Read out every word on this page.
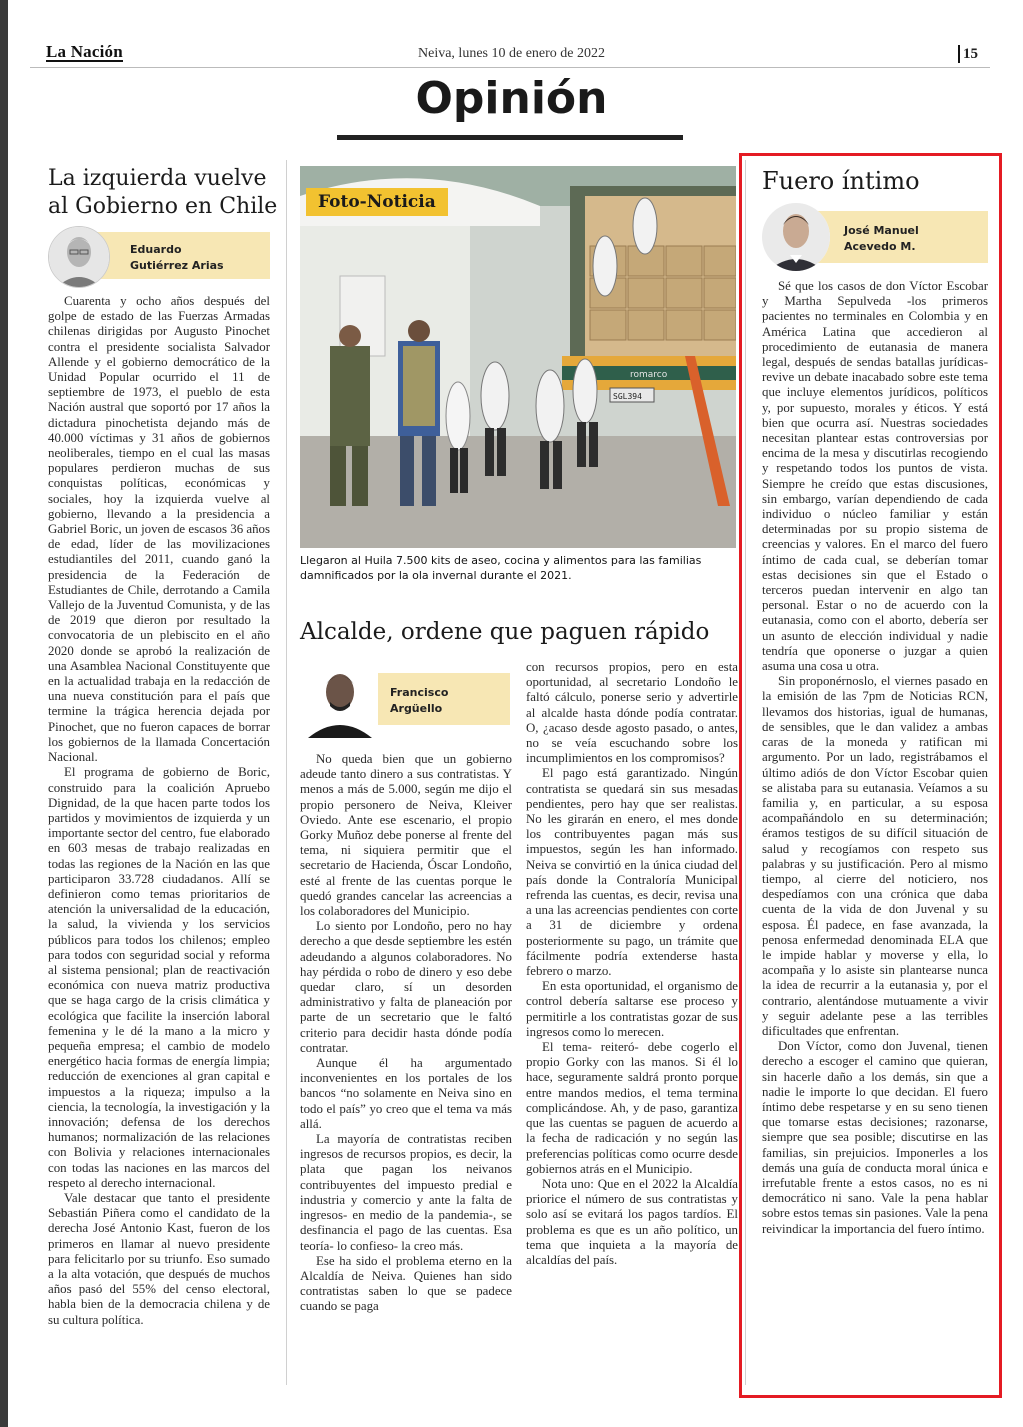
La Nación	Neiva, lunes 10 de enero de 2022	15
Opinión
La izquierda vuelve al Gobierno en Chile
Eduardo
Gutiérrez Arias

Cuarenta y ocho años después del golpe de estado de las Fuerzas Armadas chilenas dirigidas por Augusto Pinochet contra el presidente socialista Salvador Allende y el gobierno democrático de la Unidad Popular ocurrido el 11 de septiembre de 1973, el pueblo de esta Nación austral que soportó por 17 años la dictadura pinochetista dejando más de 40.000 víctimas y 31 años de gobiernos neoliberales, tiempo en el cual las masas populares perdieron muchas de sus conquistas políticas, económicas y sociales, hoy la izquierda vuelve al gobierno, llevando a la presidencia a Gabriel Boric, un joven de escasos 36 años de edad, líder de las movilizaciones estudiantiles del 2011, cuando ganó la presidencia de la Federación de Estudiantes de Chile, derrotando a Camila Vallejo de la Juventud Comunista, y de las de 2019 que dieron por resultado la convocatoria de un plebiscito en el año 2020 donde se aprobó la realización de una Asamblea Nacional Constituyente que en la actualidad trabaja en la redacción de una nueva constitución para el país que termine la trágica herencia dejada por Pinochet, que no fueron capaces de borrar los gobiernos de la llamada Concertación Nacional.

El programa de gobierno de Boric, construido para la coalición Apruebo Dignidad, de la que hacen parte todos los partidos y movimientos de izquierda y un importante sector del centro, fue elaborado en 603 mesas de trabajo realizadas en todas las regiones de la Nación en las que participaron 33.728 ciudadanos. Allí se definieron como temas prioritarios de atención la universalidad de la educación, la salud, la vivienda y los servicios públicos para todos los chilenos; empleo para todos con seguridad social y reforma al sistema pensional; plan de reactivación económica con nueva matriz productiva que se haga cargo de la crisis climática y ecológica que facilite la inserción laboral femenina y le dé la mano a la micro y pequeña empresa; el cambio de modelo energético hacia formas de energía limpia; reducción de exenciones al gran capital e impuestos a la riqueza; impulso a la ciencia, la tecnología, la investigación y la innovación; defensa de los derechos humanos; normalización de las relaciones con Bolivia y relaciones internacionales con todas las naciones en las marcos del respeto al derecho internacional.

Vale destacar que tanto el presidente Sebastián Piñera como el candidato de la derecha José Antonio Kast, fueron de los primeros en llamar al nuevo presidente para felicitarlo por su triunfo. Eso sumado a la alta votación, que después de muchos años pasó del 55% del censo electoral, habla bien de la democracia chilena y de su cultura política.

romarco
SGL394
Foto-Noticia
Llegaron al Huila 7.500 kits de aseo, cocina y alimentos para las familias damnificados por la ola invernal durante el 2021.
Alcalde, ordene que paguen rápido
Francisco
Argüello

No queda bien que un gobierno adeude tanto dinero a sus contratistas. Y menos a más de 5.000, según me dijo el propio personero de Neiva, Kleiver Oviedo. Ante ese escenario, el propio Gorky Muñoz debe ponerse al frente del tema, ni siquiera permitir que el secretario de Hacienda, Óscar Londoño, esté al frente de las cuentas porque le quedó grandes cancelar las acreencias a los colaboradores del Municipio.

Lo siento por Londoño, pero no hay derecho a que desde septiembre les estén adeudando a algunos colaboradores. No hay pérdida o robo de dinero y eso debe quedar claro, sí un desorden administrativo y falta de planeación por parte de un secretario que le faltó criterio para decidir hasta dónde podía contratar.

Aunque él ha argumentado inconvenientes en los portales de los bancos “no solamente en Neiva sino en todo el país” yo creo que el tema va más allá.

La mayoría de contratistas reciben ingresos de recursos propios, es decir, la plata que pagan los neivanos contribuyentes del impuesto predial e industria y comercio y ante la falta de ingresos- en medio de la pandemia-, se desfinancia el pago de las cuentas. Esa teoría- lo confieso- la creo más.

Ese ha sido el problema eterno en la Alcaldía de Neiva. Quienes han sido contratistas saben lo que se padece cuando se paga

con recursos propios, pero en esta oportunidad, al secretario Londoño le faltó cálculo, ponerse serio y advertirle al alcalde hasta dónde podía contratar. O, ¿acaso desde agosto pasado, o antes, no se veía escuchando sobre los incumplimientos en los compromisos?

El pago está garantizado. Ningún contratista se quedará sin sus mesadas pendientes, pero hay que ser realistas. No les girarán en enero, el mes donde los contribuyentes pagan más sus impuestos, según les han informado. Neiva se convirtió en la única ciudad del país donde la Contraloría Municipal refrenda las cuentas, es decir, revisa una a una las acreencias pendientes con corte a 31 de diciembre y ordena posteriormente su pago, un trámite que fácilmente podría extenderse hasta febrero o marzo.

En esta oportunidad, el organismo de control debería saltarse ese proceso y permitirle a los contratistas gozar de sus ingresos como lo merecen.

El tema- reiteró- debe cogerlo el propio Gorky con las manos. Si él lo hace, seguramente saldrá pronto porque entre mandos medios, el tema termina complicándose. Ah, y de paso, garantiza que las cuentas se paguen de acuerdo a la fecha de radicación y no según las preferencias políticas como ocurre desde gobiernos atrás en el Municipio.

Nota uno: Que en el 2022 la Alcaldía priorice el número de sus contratistas y solo así se evitará los pagos tardíos. El problema es que es un año político, un tema que inquieta a la mayoría de alcaldías del país.

Fuero íntimo
José Manuel
Acevedo M.

Sé que los casos de don Víctor Escobar y Martha Sepulveda -los primeros pacientes no terminales en Colombia y en América Latina que accedieron al procedimiento de eutanasia de manera legal, después de sendas batallas jurídicas- revive un debate inacabado sobre este tema que incluye elementos jurídicos, políticos y, por supuesto, morales y éticos. Y está bien que ocurra así. Nuestras sociedades necesitan plantear estas controversias por encima de la mesa y discutirlas recogiendo y respetando todos los puntos de vista. Siempre he creído que estas discusiones, sin embargo, varían dependiendo de cada individuo o núcleo familiar y están determinadas por su propio sistema de creencias y valores. En el marco del fuero íntimo de cada cual, se deberían tomar estas decisiones sin que el Estado o terceros puedan intervenir en algo tan personal. Estar o no de acuerdo con la eutanasia, como con el aborto, debería ser un asunto de elección individual y nadie tendría que oponerse o juzgar a quien asuma una cosa u otra.

Sin proponérnoslo, el viernes pasado en la emisión de las 7pm de Noticias RCN, llevamos dos historias, igual de humanas, de sensibles, que le dan validez a ambas caras de la moneda y ratifican mi argumento. Por un lado, registrábamos el último adiós de don Víctor Escobar quien se alistaba para su eutanasia. Veíamos a su familia y, en particular, a su esposa acompañándolo en su determinación; éramos testigos de su difícil situación de salud y recogíamos con respeto sus palabras y su justificación. Pero al mismo tiempo, al cierre del noticiero, nos despedíamos con una crónica que daba cuenta de la vida de don Juvenal y su esposa. Él padece, en fase avanzada, la penosa enfermedad denominada ELA que le impide hablar y moverse y ella, lo acompaña y lo asiste sin plantearse nunca la idea de recurrir a la eutanasia y, por el contrario, alentándose mutuamente a vivir y seguir adelante pese a las terribles dificultades que enfrentan.

Don Víctor, como don Juvenal, tienen derecho a escoger el camino que quieran, sin hacerle daño a los demás, sin que a nadie le importe lo que decidan. El fuero íntimo debe respetarse y en su seno tienen que tomarse estas decisiones; razonarse, siempre que sea posible; discutirse en las familias, sin prejuicios. Imponerles a los demás una guía de conducta moral única e irrefutable frente a estos casos, no es ni democrático ni sano. Vale la pena hablar sobre estos temas sin pasiones. Vale la pena reivindicar la importancia del fuero íntimo.
